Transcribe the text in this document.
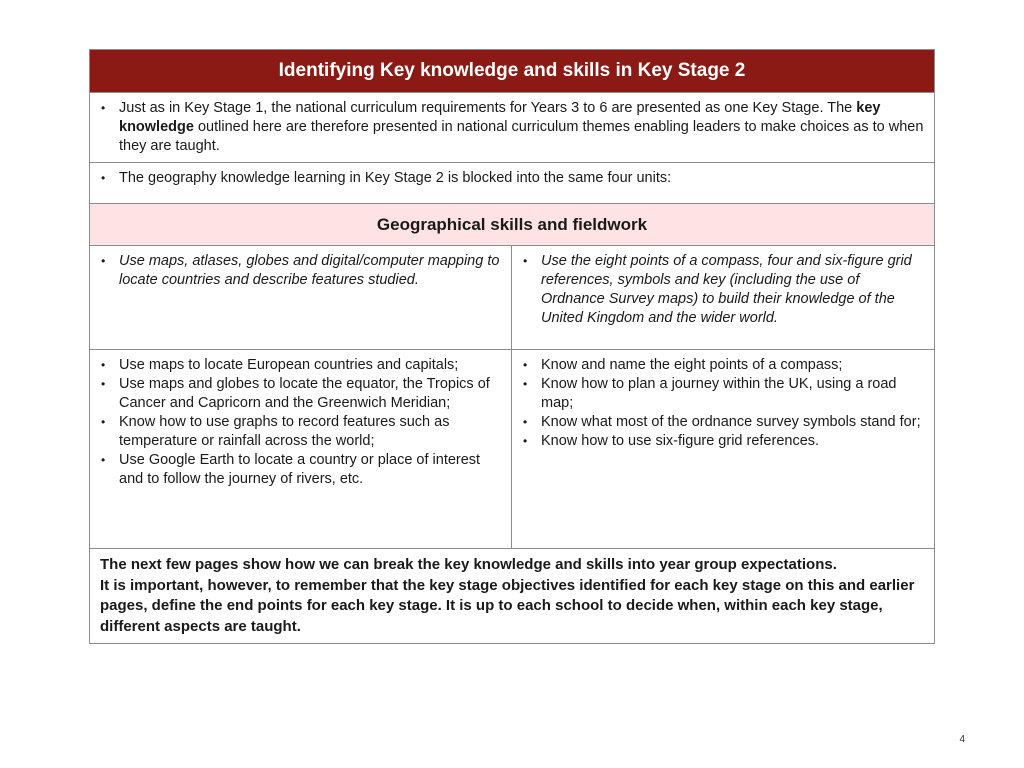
Identifying Key knowledge and skills in Key Stage 2
• Just as in Key Stage 1, the national curriculum requirements for Years 3 to 6 are presented as one Key Stage. The key knowledge outlined here are therefore presented in national curriculum themes enabling leaders to make choices as to when they are taught.
• The geography knowledge learning in Key Stage 2 is blocked into the same four units:
Geographical skills and fieldwork
• Use maps, atlases, globes and digital/computer mapping to locate countries and describe features studied.
• Use the eight points of a compass, four and six-figure grid references, symbols and key (including the use of Ordnance Survey maps) to build their knowledge of the United Kingdom and the wider world.
• Use maps to locate European countries and capitals;
• Use maps and globes to locate the equator, the Tropics of Cancer and Capricorn and the Greenwich Meridian;
• Know how to use graphs to record features such as temperature or rainfall across the world;
• Use Google Earth to locate a country or place of interest and to follow the journey of rivers, etc.
• Know and name the eight points of a compass;
• Know how to plan a journey within the UK, using a road map;
• Know what most of the ordnance survey symbols stand for;
• Know how to use six-figure grid references.
The next few pages show how we can break the key knowledge and skills into year group expectations.
It is important, however, to remember that the key stage objectives identified for each key stage on this and earlier pages, define the end points for each key stage. It is up to each school to decide when, within each key stage, different aspects are taught.
4
